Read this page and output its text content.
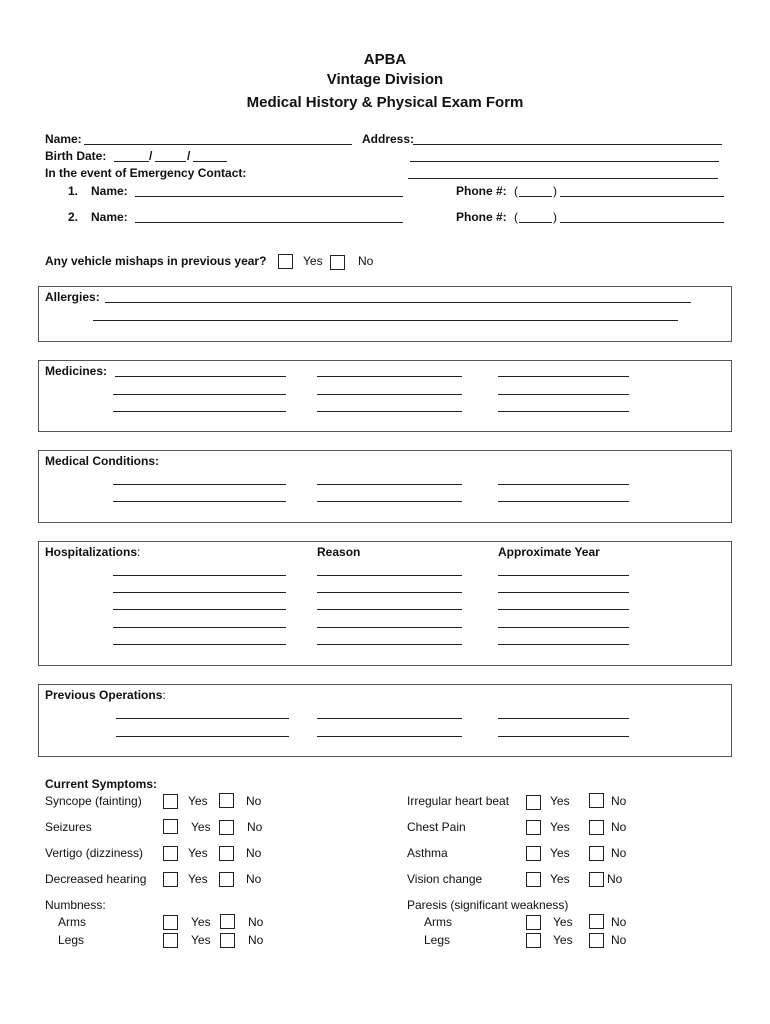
APBA
Vintage Division
Medical History & Physical Exam Form
Name:	Address:
Birth Date:	/	/
In the event of Emergency Contact:
1. Name:	Phone #: (	)
2. Name:	Phone #: (	)
Any vehicle mishaps in previous year?	Yes	No
Allergies:
Medicines:
Medical Conditions:
Hospitalizations:	Reason	Approximate Year
Previous Operations:
Current Symptoms:
Syncope (fainting)	Yes	No
Seizures	Yes	No
Vertigo (dizziness)	Yes	No
Decreased hearing	Yes	No
Irregular heart beat	Yes	No
Chest Pain	Yes	No
Asthma	Yes	No
Vision change	Yes	No
Numbness:
Arms	Yes	No
Legs	Yes	No
Paresis (significant weakness)
Arms	Yes	No
Legs	Yes	No
